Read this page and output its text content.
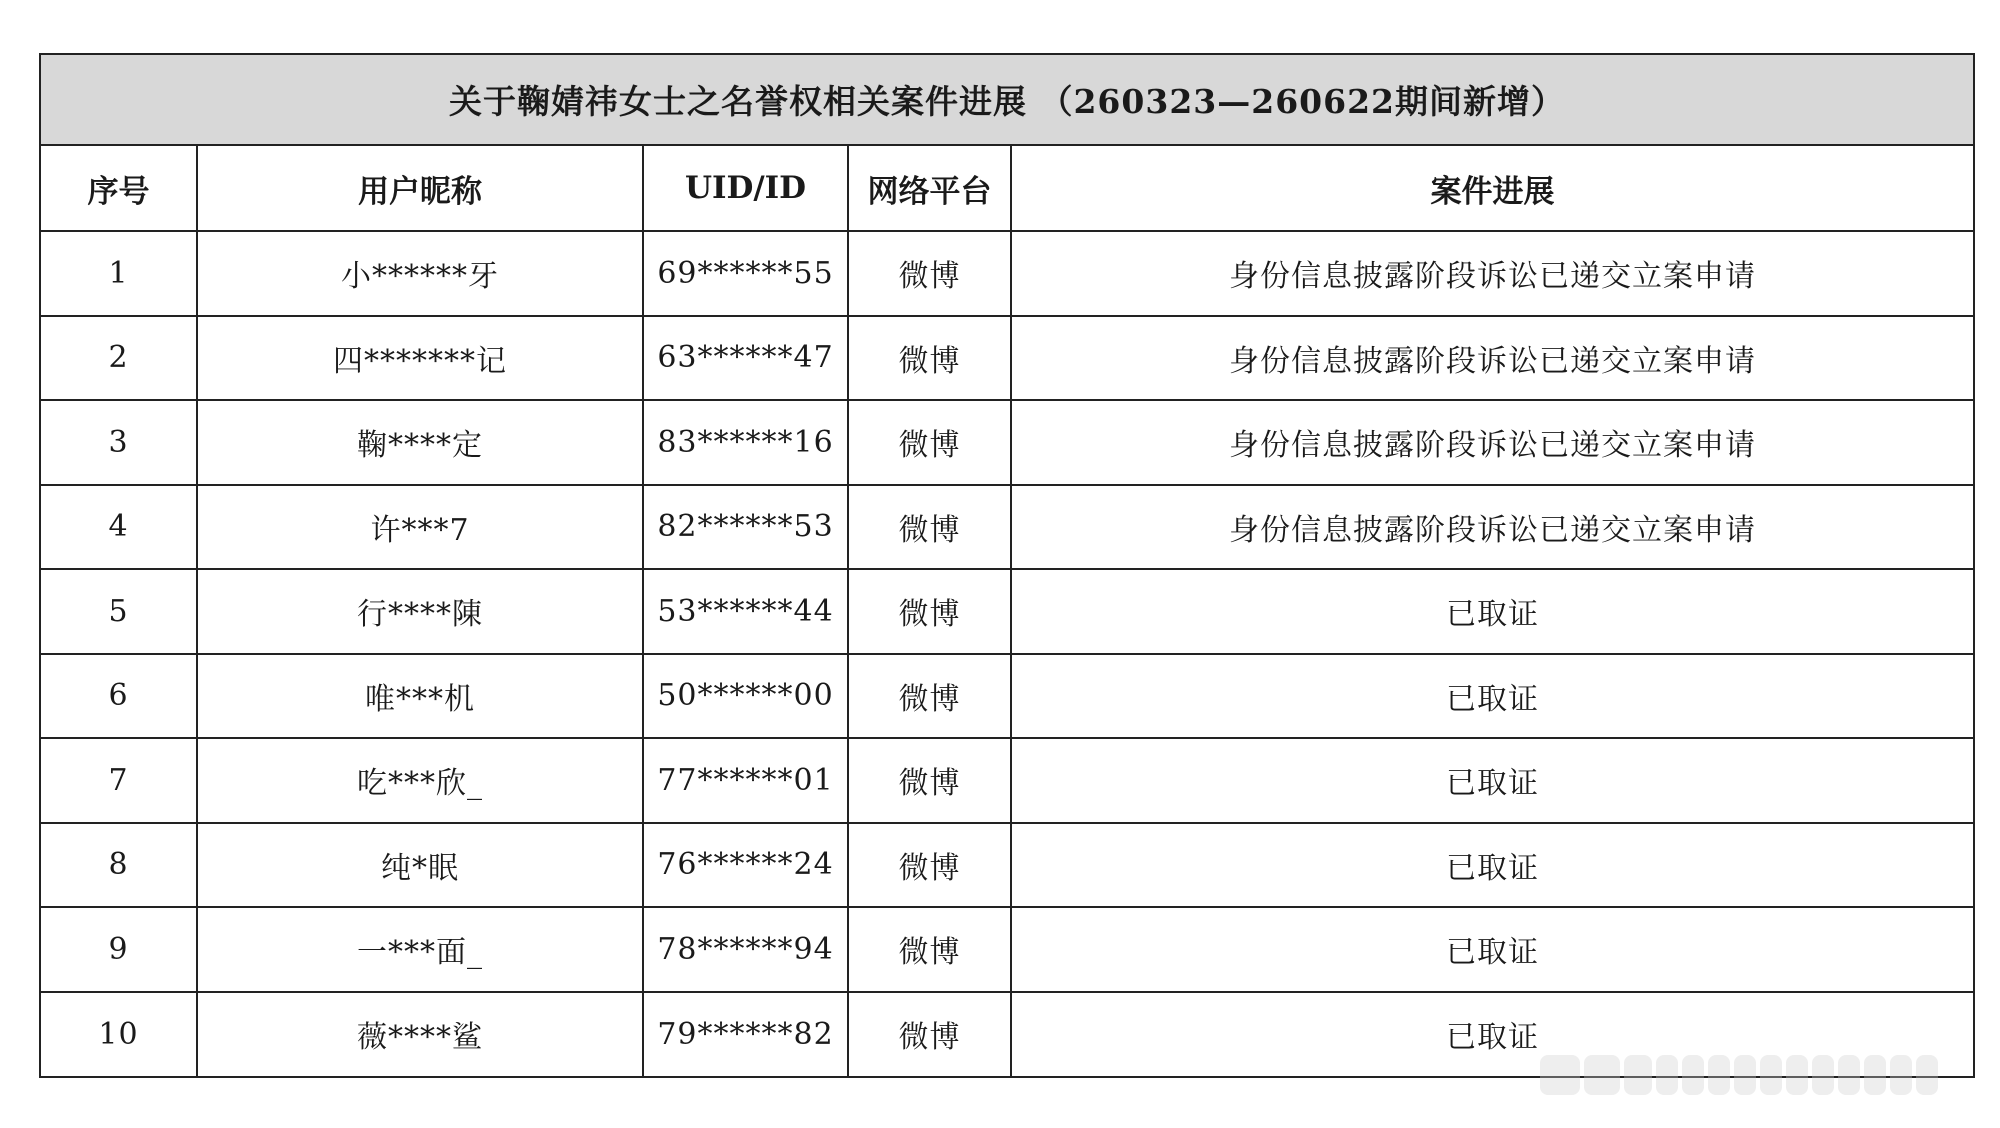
关于鞠婧祎女士之名誉权相关案件进展 （260323—260622期间新增）
序号	用户昵称	UID/ID	网络平台	案件进展
1	小******牙	69******55	微博	身份信息披露阶段诉讼已递交立案申请
2	四*******记	63******47	微博	身份信息披露阶段诉讼已递交立案申请
3	鞠****定	83******16	微博	身份信息披露阶段诉讼已递交立案申请
4	许***7	82******53	微博	身份信息披露阶段诉讼已递交立案申请
5	行****陳	53******44	微博	已取证
6	唯***机	50******00	微博	已取证
7	吃***欣_	77******01	微博	已取证
8	纯*眠	76******24	微博	已取证
9	一***面_	78******94	微博	已取证
10	薇****鲨	79******82	微博	已取证
